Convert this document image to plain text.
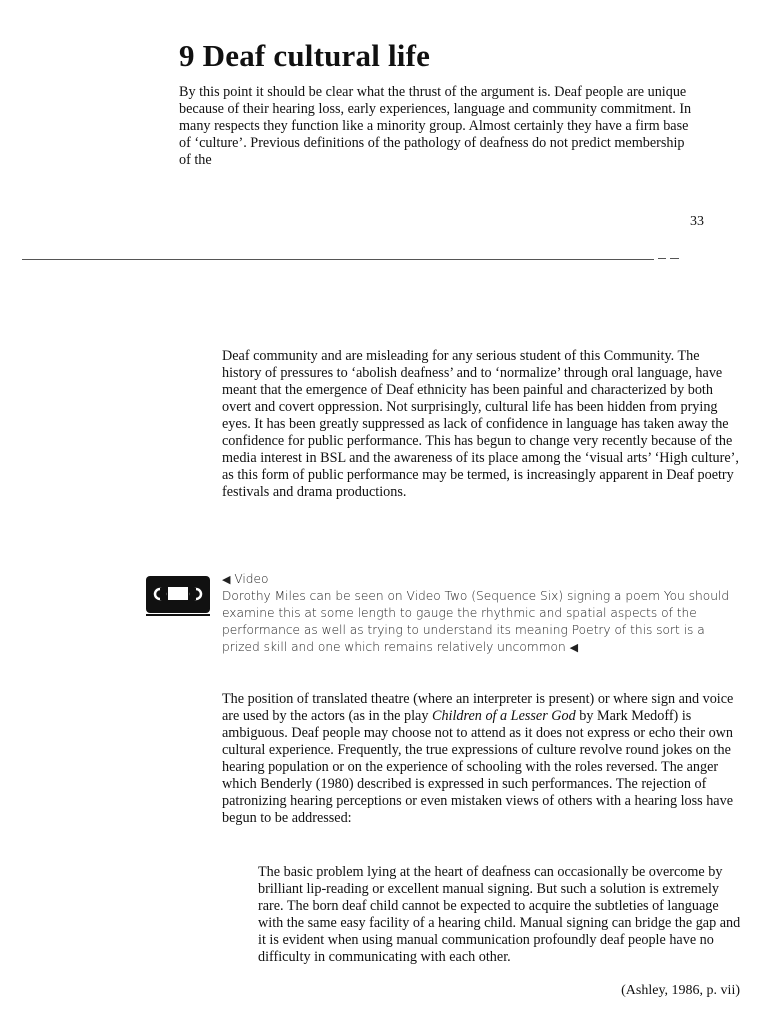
9 Deaf cultural life

By this point it should be clear what the thrust of the argument is. Deaf people are unique because of their hearing loss, early experiences, language and community commitment. In many respects they function like a minority group. Almost certainly they have a firm base of ‘culture’. Previous definitions of the pathology of deafness do not predict membership of the

33

Deaf community and are misleading for any serious student of this Community. The history of pressures to ‘abolish deafness’ and to ‘normalize’ through oral language, have meant that the emergence of Deaf ethnicity has been painful and characterized by both overt and covert oppression. Not surprisingly, cultural life has been hidden from prying eyes. It has been greatly suppressed as lack of confidence in language has taken away the confidence for public performance. This has begun to change very recently because of the media interest in BSL and the awareness of its place among the ‘visual arts’ ‘High culture’, as this form of public performance may be termed, is increasingly apparent in Deaf poetry festivals and drama productions.

◀ Video
Dorothy Miles can be seen on Video Two (Sequence Six) signing a poem You should examine this at some length to gauge the rhythmic and spatial aspects of the performance as well as trying to understand its meaning Poetry of this sort is a prized skill and one which remains relatively uncommon ◀

The position of translated theatre (where an interpreter is present) or where sign and voice are used by the actors (as in the play Children of a Lesser God by Mark Medoff) is ambiguous. Deaf people may choose not to attend as it does not express or echo their own cultural experience. Frequently, the true expressions of culture revolve round jokes on the hearing population or on the experience of schooling with the roles reversed. The anger which Benderly (1980) described is expressed in such performances. The rejection of patronizing hearing perceptions or even mistaken views of others with a hearing loss have begun to be addressed:

The basic problem lying at the heart of deafness can occasionally be overcome by brilliant lip-reading or excellent manual signing. But such a solution is extremely rare. The born deaf child cannot be expected to acquire the subtleties of language with the same easy facility of a hearing child. Manual signing can bridge the gap and it is evident when using manual communication profoundly deaf people have no difficulty in communicating with each other.

(Ashley, 1986, p. vii)
